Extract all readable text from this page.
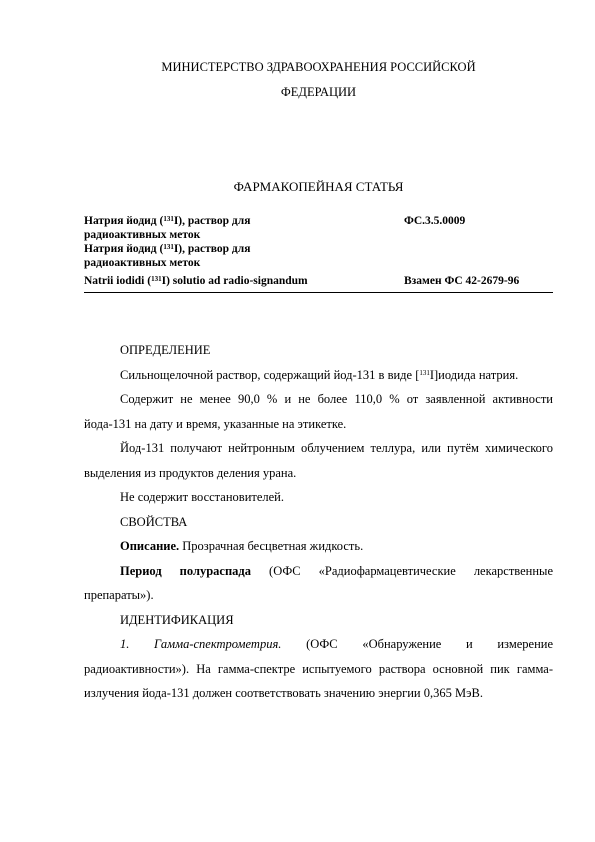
МИНИСТЕРСТВО ЗДРАВООХРАНЕНИЯ РОССИЙСКОЙ
ФЕДЕРАЦИИ
ФАРМАКОПЕЙНАЯ СТАТЬЯ
Натрия йодид ($^{131}$I), раствор для радиоактивных меток
ФС.3.5.0009
Натрия йодид ($^{131}$I), раствор для радиоактивных меток
Natrii iodidi ($^{131}$I) solutio ad radio-signandum	Взамен ФС 42-2679-96

ОПРЕДЕЛЕНИЕ

Сильнощелочной раствор, содержащий йод-131 в виде [$^{131}$I]иодида натрия.

Содержит не менее 90,0 % и не более 110,0 % от заявленной активности йода-131 на дату и время, указанные на этикетке.

Йод-131 получают нейтронным облучением теллура, или путём химического выделения из продуктов деления урана.

Не содержит восстановителей.

СВОЙСТВА

Описание. Прозрачная бесцветная жидкость.

Период полураспада (ОФС «Радиофармацевтические лекарственные препараты»).

ИДЕНТИФИКАЦИЯ

1. Гамма-спектрометрия. (ОФС «Обнаружение и измерение радиоактивности»). На гамма-спектре испытуемого раствора основной пик гамма-излучения йода-131 должен соответствовать значению энергии 0,365 МэВ.
